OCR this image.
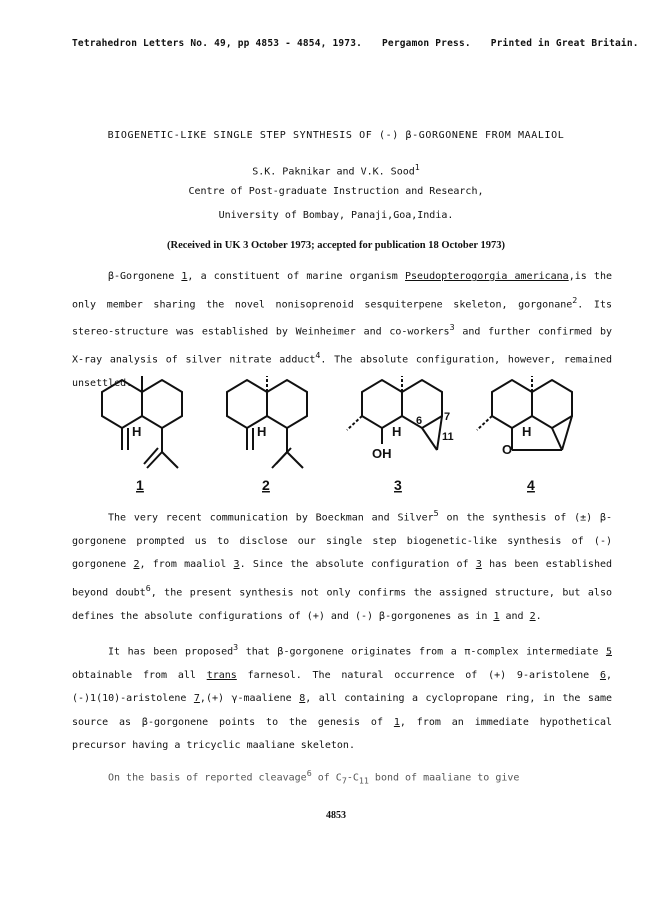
Tetrahedron Letters No. 49, pp 4853 - 4854, 1973. Pergamon Press. Printed in Great Britain.
BIOGENETIC-LIKE SINGLE STEP SYNTHESIS OF (-) β-GORGONENE FROM MAALIOL
S.K. Paknikar and V.K. Sood$^1$
Centre of Post-graduate Instruction and Research,
University of Bombay, Panaji,Goa,India.
(Received in UK 3 October 1973; accepted for publication 18 October 1973)
β-Gorgonene 1, a constituent of marine organism Pseudopterogorgia americana,is the only member sharing the novel nonisoprenoid sesquiterpene skeleton, gorgonane$^2$. Its stereo-structure was established by Weinheimer and co-workers$^3$ and further confirmed by X-ray analysis of silver nitrate adduct$^4$. The absolute configuration, however, remained unsettled.
H	H	H
OH
6 7
11	H
O
1	2	3	4
The very recent communication by Boeckman and Silver$^5$ on the synthesis of (±) β-gorgonene prompted us to disclose our single step biogenetic-like synthesis of (-) gorgonene 2, from maaliol 3. Since the absolute configuration of 3 has been established beyond doubt$^6$, the present synthesis not only confirms the assigned structure, but also defines the absolute configurations of (+) and (-) β-gorgonenes as in 1 and 2.
It has been proposed$^3$ that β-gorgonene originates from a π-complex intermediate 5 obtainable from all trans farnesol. The natural occurrence of (+) 9-aristolene 6, (-)1(10)-aristolene 7,(+) γ-maaliene 8, all containing a cyclopropane ring, in the same source as β-gorgonene points to the genesis of 1, from an immediate hypothetical precursor having a tricyclic maaliane skeleton.
On the basis of reported cleavage$^6$ of $C_7-C_{11}$ bond of maaliane to give
4853
